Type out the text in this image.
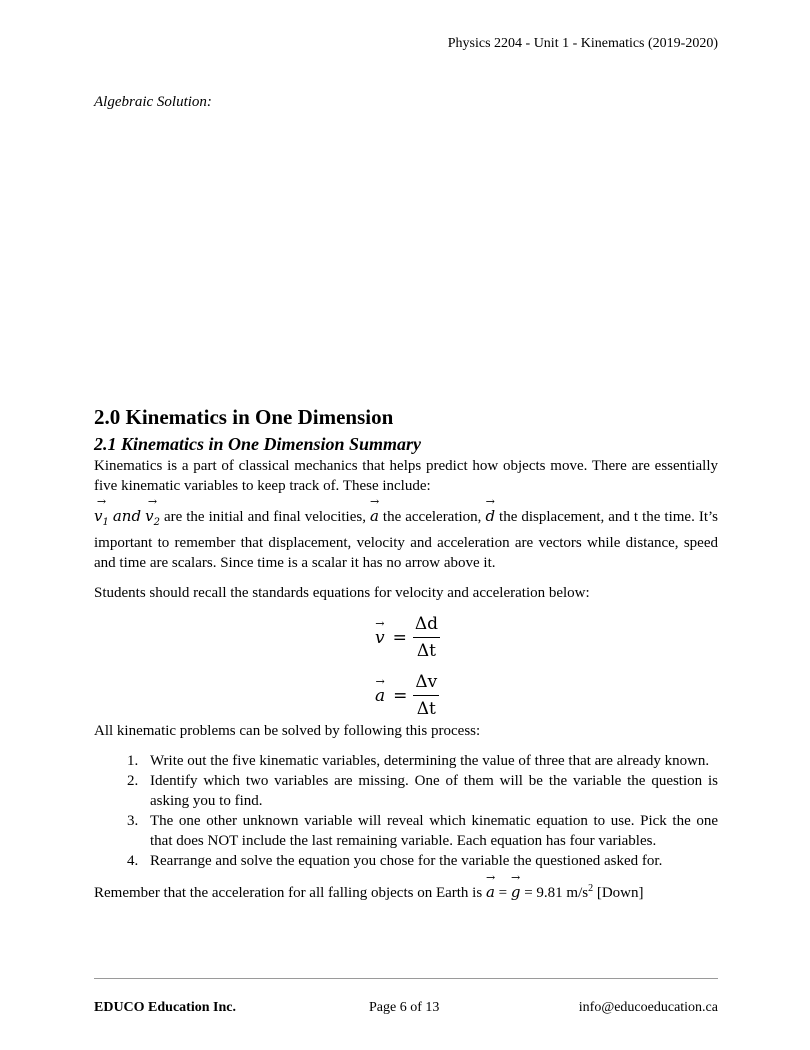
Physics 2204 - Unit 1 - Kinematics (2019-2020)
Algebraic Solution:
2.0 Kinematics in One Dimension
2.1 Kinematics in One Dimension Summary

Kinematics is a part of classical mechanics that helps predict how objects move. There are essentially five kinematic variables to keep track of. These include:

→
$v_1$ and
→
$v_2$ are the initial and final velocities,
→
a the acceleration,
→
d the displacement, and t the time. It’s important to remember that displacement, velocity and acceleration are vectors while distance, speed and time are scalars. Since time is a scalar it has no arrow above it.

Students should recall the standards equations for velocity and acceleration below:

→
$v = \frac{\Delta d}{\Delta t}$
→
$a = \frac{\Delta v}{\Delta t}$

All kinematic problems can be solved by following this process:

1. Write out the five kinematic variables, determining the value of three that are already known.
2. Identify which two variables are missing. One of them will be the variable the question is asking you to find.
3. The one other unknown variable will reveal which kinematic equation to use. Pick the one that does NOT include the last remaining variable. Each equation has four variables.
4. Rearrange and solve the equation you chose for the variable the questioned asked for.

Remember that the acceleration for all falling objects on Earth is
→
a =
→
g = 9.81 $m/s^2$ [Down]

EDUCO Education Inc.	Page 6 of 13	info@educoeducation.ca
